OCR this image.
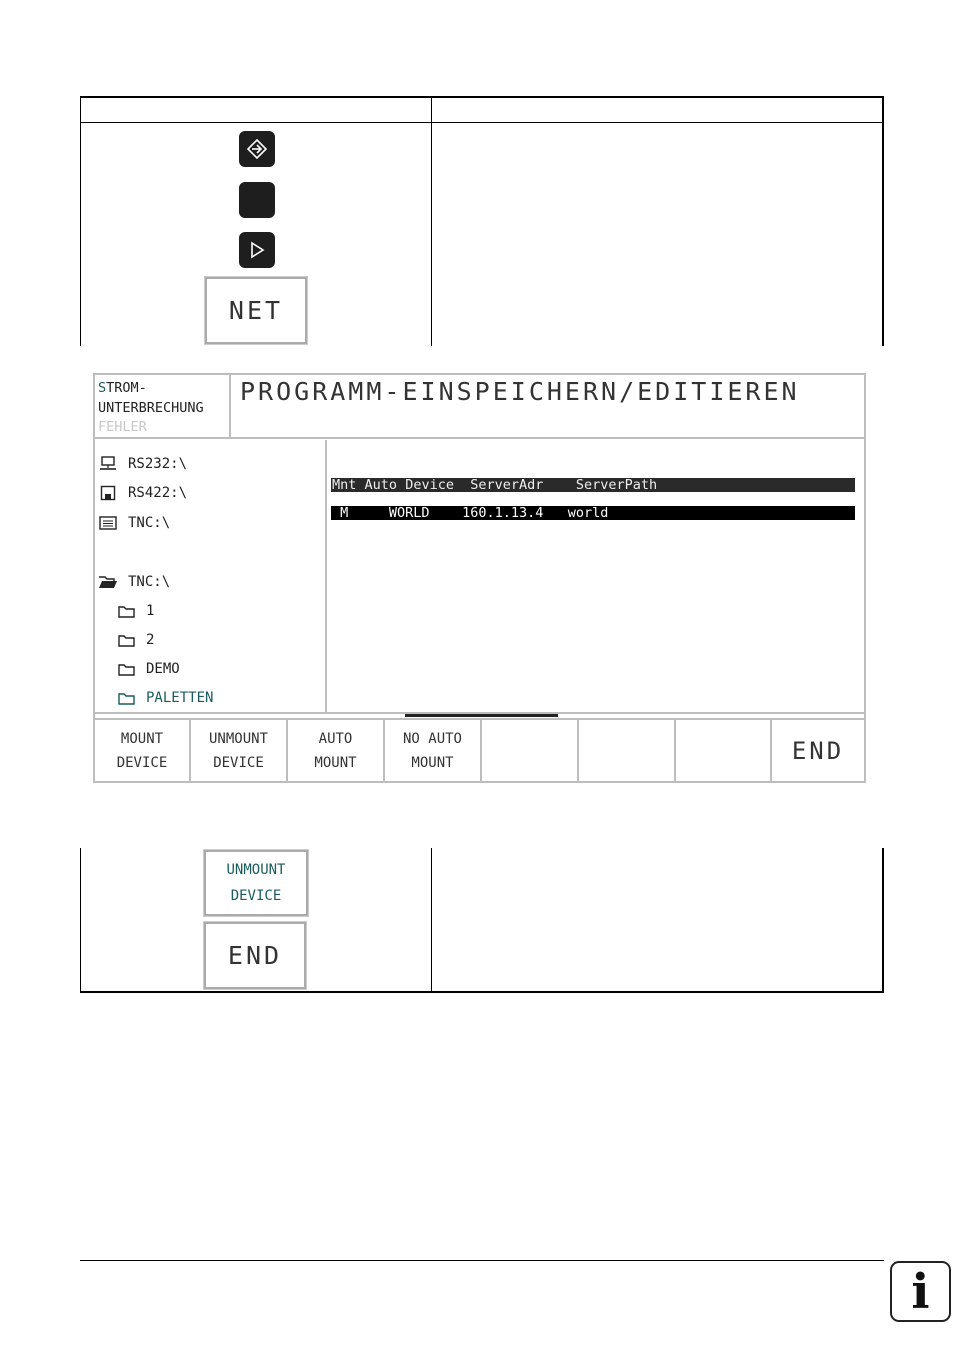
NET
STROM-
UNTERBRECHUNG
FEHLER
PROGRAMM-EINSPEICHERN/EDITIEREN
RS232:\
RS422:\
TNC:\
TNC:\
1
2
DEMO
PALETTEN
Mnt Auto Device ServerAdr ServerPath
M	WORLD 160.1.13.4 world
MOUNT
DEVICE
UNMOUNT
DEVICE
AUTO
MOUNT
NO AUTO
MOUNT	END
UNMOUNT
DEVICE
END
i
